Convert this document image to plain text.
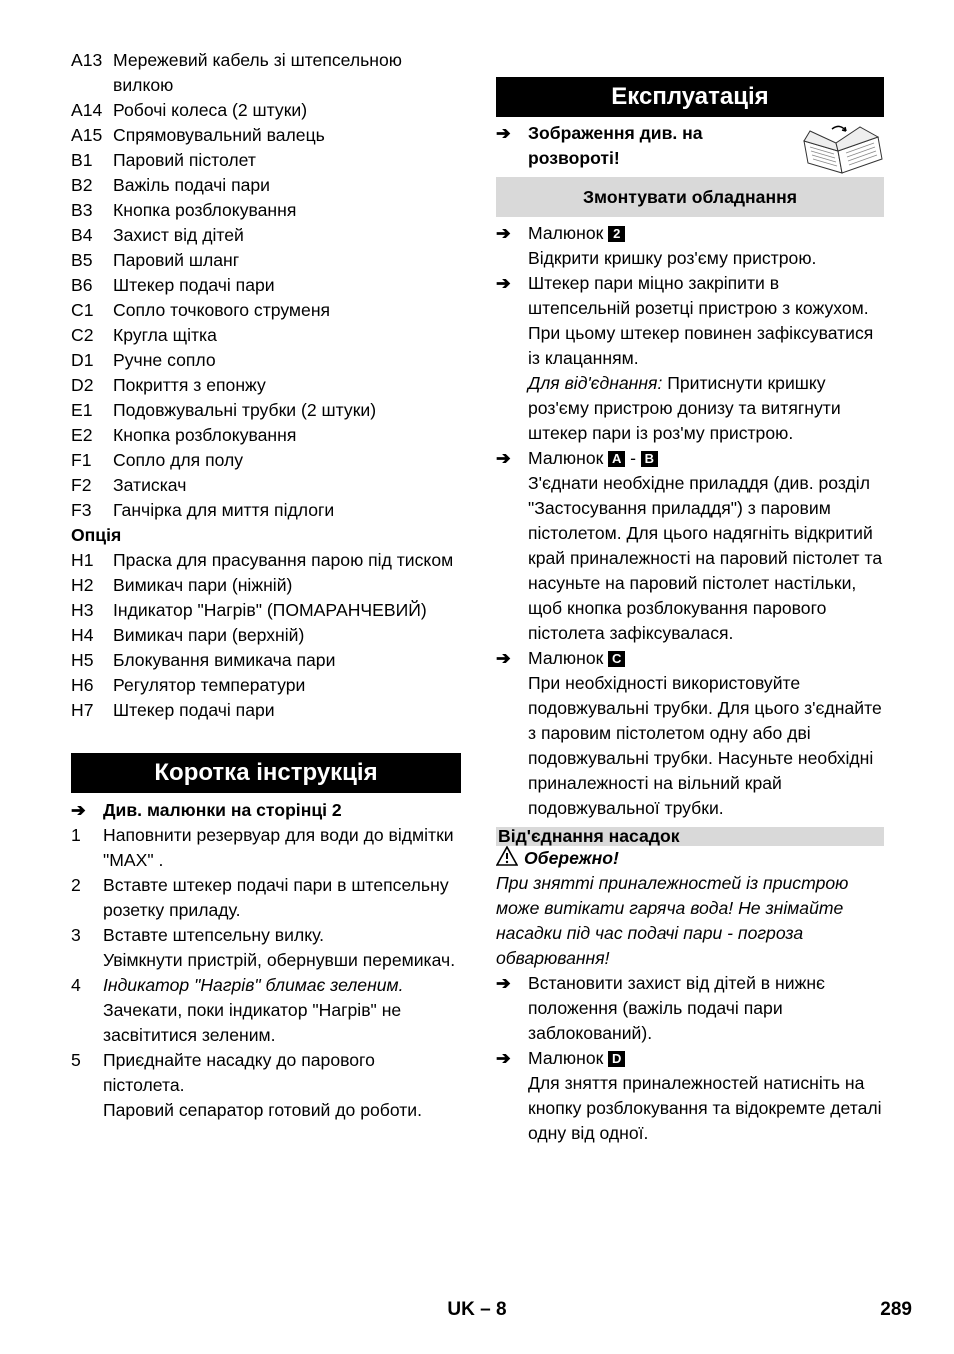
A13 Мережевий кабель зі штепсельною вилкою
A14 Робочі колеса (2 штуки)
A15 Спрямовувальний валець
B1	Паровий пістолет
B2	Важіль подачі пари
B3	Кнопка розблокування
B4	Захист від дітей
B5	Паровий шланг
B6	Штекер подачі пари
C1	Сопло точкового струменя
C2	Кругла щітка
D1	Ручне сопло
D2	Покриття з епонжу
E1	Подовжувальні трубки (2 штуки)
E2	Кнопка розблокування
F1	Сопло для полу
F2	Затискач
F3	Ганчірка для миття підлоги
Опція
H1	Праска для прасування парою під тиском
H2	Вимикач пари (ніжній)
H3	Індикатор "Нагрів" (ПОМАРАНЧЕВИЙ)
H4	Вимикач пари (верхній)
H5	Блокування вимикача пари
H6	Регулятор температури
H7	Штекер подачі пари
Коротка інструкція
➔ Див. малюнки на сторінці 2
1	Наповнити резервуар для води до відмітки "MAX" .
2	Вставте штекер подачі пари в штепсельну розетку приладу.
3	Вставте штепсельну вилку.
Увімкнути пристрій, обернувши перемикач.
4	Індикатор "Нагрів" блимає зеленим.
Зачекати, поки індикатор "Нагрів" не засвітитися зеленим.
5	Приєднайте насадку до парового пістолета.
Паровий сепаратор готовий до роботи.
Експлуатація
➔ Зображення див. на розвороті!
Змонтувати обладнання
➔ Малюнок 2
Відкрити кришку роз'єму пристрою.
➔ Штекер пари міцно закріпити в штепсельній розетці пристрою з кожухом. При цьому штекер повинен зафіксуватися із клацанням.
Для від'єднання: Притиснути кришку роз'єму пристрою донизу та витягнути штекер пари із роз'му пристрою.
➔ Малюнок A - B
З'єднати необхідне приладдя (див. розділ "Застосування приладдя") з паровим пістолетом. Для цього надягніть відкритий край приналежності на паровий пістолет та насуньте на паровий пістолет настільки, щоб кнопка розблокування парового пістолета зафіксувалася.
➔ Малюнок C
При необхідності використовуйте подовжувальні трубки. Для цього з'єднайте з паровим пістолетом одну або дві подовжувальні трубки. Насуньте необхідні приналежності на вільний край подовжувальної трубки.
Від'єднання насадок
Обережно!
При знятті приналежностей із пристрою може витікати гаряча вода! Не знімайте насадки під час подачі пари - погроза обварювання!
➔ Встановити захист від дітей в нижнє положення (важіль подачі пари заблокований).
➔ Малюнок D
Для зняття приналежностей натисніть на кнопку розблокування та відокремте деталі одну від одної.
UK – 8	289
